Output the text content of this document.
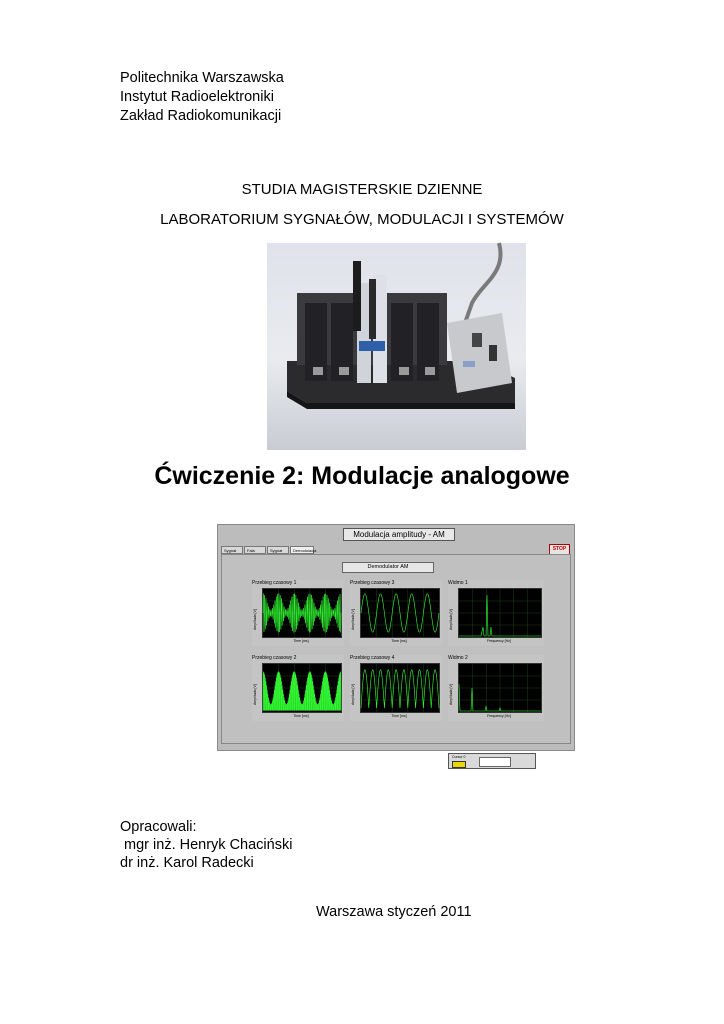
Politechnika Warszawska
Instytut Radioelektroniki
Zakład Radiokomunikacji
STUDIA MAGISTERSKIE DZIENNE
LABORATORIUM SYGNAŁÓW, MODULACJI I SYSTEMÓW
Ćwiczenie 2: Modulacje analogowe
Modulacja amplitudy - AM
Sygnał	Fala	Sygnał	Demodulacja	STOP
Demodulator AM
Przebieg czasowy 1
Amplituda [V]
Time [ms]
Przebieg czasowy 3
Amplituda [V]
Time [ms]
Widmo 1
Amplituda [V]
Frequency [Hz]
Przebieg czasowy 2
Amplituda [V]
Time [ms]
Przebieg czasowy 4
Amplituda [V]
Time [ms]
Widmo 2
Amplituda [V]
Frequency [Hz]
Cursor 0
Opracowali:
mgr inż. Henryk Chaciński
dr inż. Karol Radecki
Warszawa styczeń 2011
